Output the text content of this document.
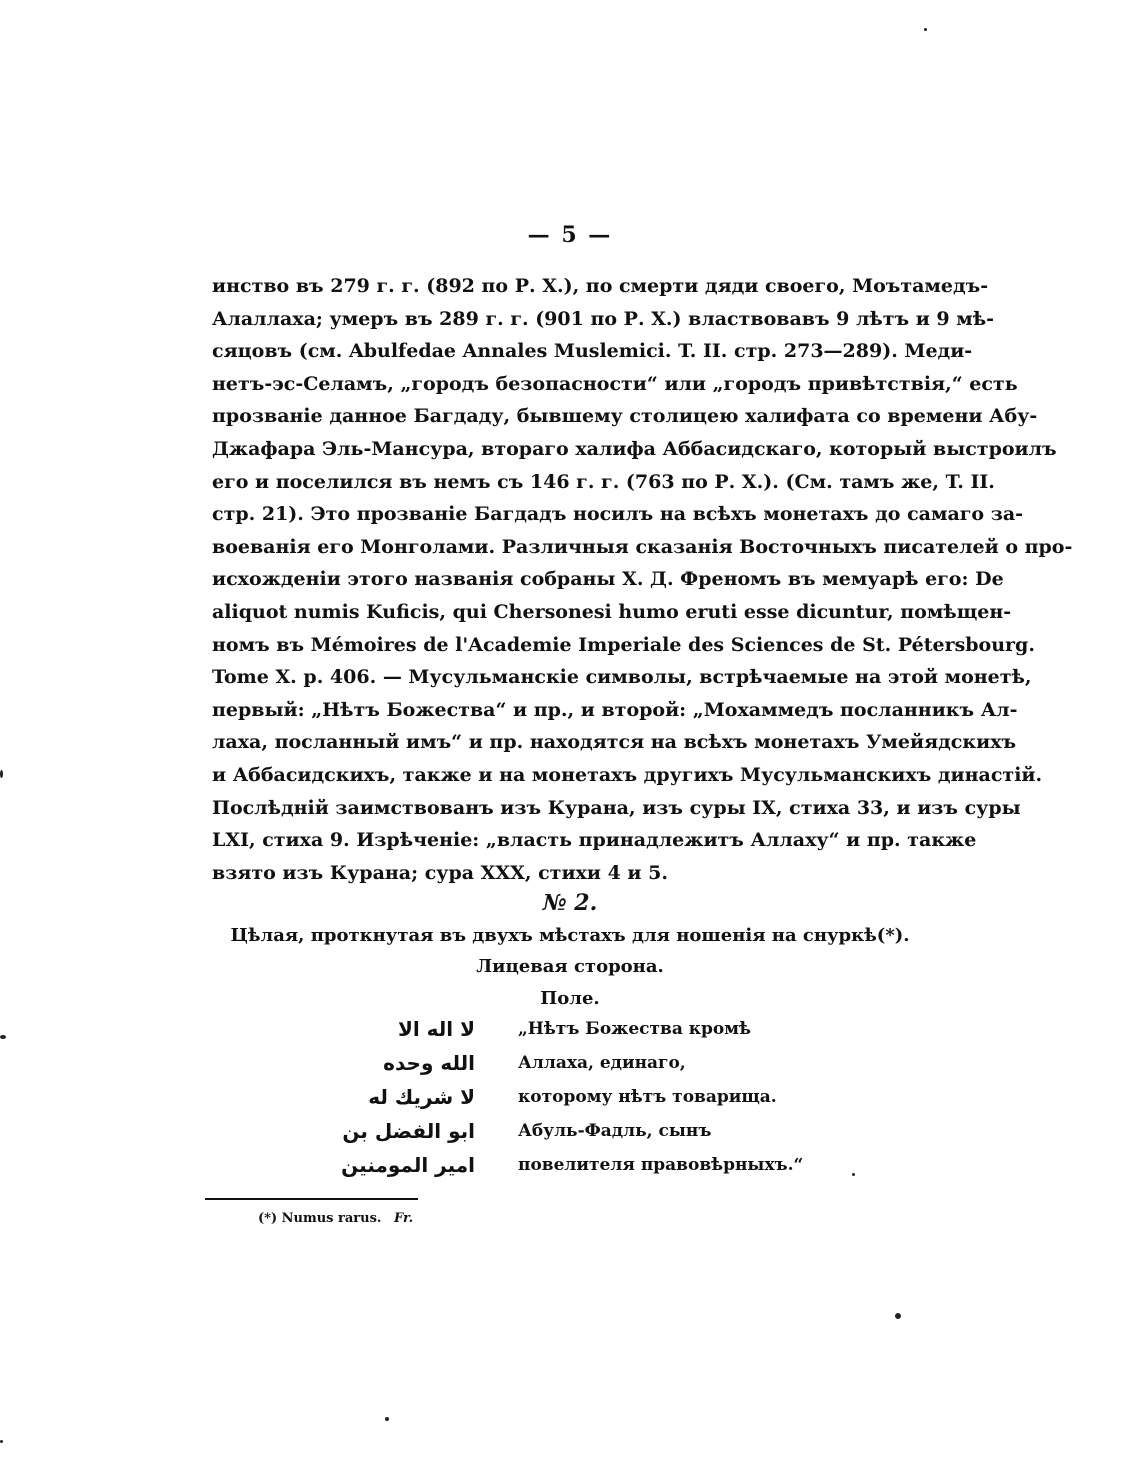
— 5 —
инство въ 279 г. г. (892 по Р. Х.), по смерти дяди своего, Моътамедъ-
Алаллаха; умеръ въ 289 г. г. (901 по Р. Х.) властвовавъ 9 лѣтъ и 9 мѣ-
сяцовъ (см. Abulfedae Annales Muslemici. T. II. стр. 273—289). Меди-
нетъ-эс-Селамъ, „городъ безопасности“ или „городъ привѣтствія,“ есть
прозваніе данное Багдаду, бывшему столицею халифата со времени Абу-
Джафара Эль-Мансура, втораго халифа Аббасидскаго, который выстроилъ
его и поселился въ немъ съ 146 г. г. (763 по Р. Х.). (См. тамъ же, T. II.
стр. 21). Это прозваніе Багдадъ носилъ на всѣхъ монетахъ до самаго за-
воеванія его Монголами. Различныя сказанія Восточныхъ писателей о про-
исхожденіи этого названія собраны Х. Д. Френомъ въ мемуарѣ его: De
aliquot numis Kuficis, qui Chersonesi humo eruti esse dicuntur, помѣщен-
номъ въ Mémoires de l'Academie Imperiale des Sciences de St. Pétersbourg.
Tome X. p. 406. — Мусульманскіе символы, встрѣчаемые на этой монетѣ,
первый: „Нѣтъ Божества“ и пр., и второй: „Мохаммедъ посланникъ Ал-
лаха, посланный имъ“ и пр. находятся на всѣхъ монетахъ Умейядскихъ
и Аббасидскихъ, также и на монетахъ другихъ Мусульманскихъ династій.
Послѣдній заимствованъ изъ Курана, изъ суры IX, стиха 33, и изъ суры
LXI, стиха 9. Изрѣченіе: „власть принадлежитъ Аллаху“ и пр. также
взято изъ Курана; сура ХХХ, стихи 4 и 5.
№ 2.
Цѣлая, проткнутая въ двухъ мѣстахъ для ношенія на снуркѣ(*).
Лицевая сторона.
Поле.
لا اله الا	„Нѣтъ Божества кромѣ
الله وحده	Аллаха, единаго,
لا شريك له	которому нѣтъ товарища.
ابو الفضل بن	Абуль-Фадль, сынъ
امير المومنين	повелителя правовѣрныхъ.“
(*) Numus rarus. Fr.
